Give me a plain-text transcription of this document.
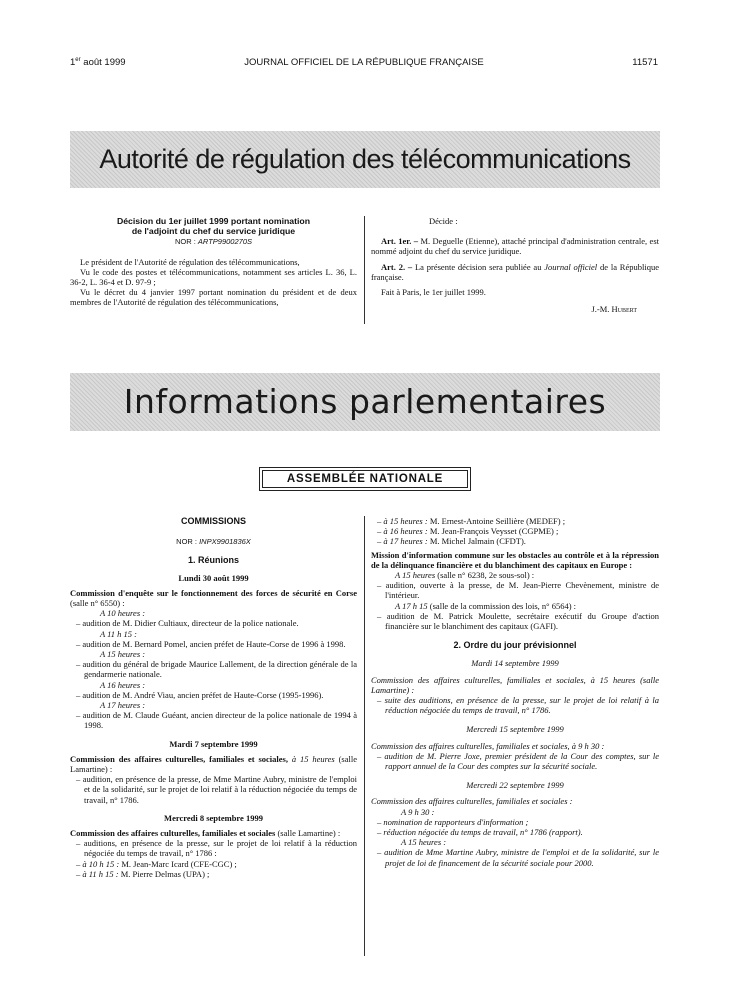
1er août 1999	JOURNAL OFFICIEL DE LA RÉPUBLIQUE FRANÇAISE	11571
Autorité de régulation des télécommunications

Décision du 1er juillet 1999 portant nomination

de l'adjoint du chef du service juridique

NOR : ARTP9900270S

Le président de l'Autorité de régulation des télécommunications,

Vu le code des postes et télécommunications, notamment ses articles L. 36, L. 36-2, L. 36-4 et D. 97-9 ;

Vu le décret du 4 janvier 1997 portant nomination du président et de deux membres de l'Autorité de régulation des télécommunications,

Décide :

Art. 1er. – M. Deguelle (Etienne), attaché principal d'administration centrale, est nommé adjoint du chef du service juridique.

Art. 2. – La présente décision sera publiée au Journal officiel de la République française.

Fait à Paris, le 1er juillet 1999.

J.-M. Hubert

Informations parlementaires
ASSEMBLÉE NATIONALE

COMMISSIONS

NOR : INPX9901836X

1. Réunions

Lundi 30 août 1999

Commission d'enquête sur le fonctionnement des forces de sécurité en Corse (salle n° 6550) :

A 10 heures :

– audition de M. Didier Cultiaux, directeur de la police nationale.

A 11 h 15 :

– audition de M. Bernard Pomel, ancien préfet de Haute-Corse de 1996 à 1998.

A 15 heures :

– audition du général de brigade Maurice Lallement, de la direction générale de la gendarmerie nationale.

A 16 heures :

– audition de M. André Viau, ancien préfet de Haute-Corse (1995-1996).

A 17 heures :

– audition de M. Claude Guéant, ancien directeur de la police nationale de 1994 à 1998.

Mardi 7 septembre 1999

Commission des affaires culturelles, familiales et sociales, à 15 heures (salle Lamartine) :

– audition, en présence de la presse, de Mme Martine Aubry, ministre de l'emploi et de la solidarité, sur le projet de loi relatif à la réduction négociée du temps de travail, n° 1786.

Mercredi 8 septembre 1999

Commission des affaires culturelles, familiales et sociales (salle Lamartine) :

– auditions, en présence de la presse, sur le projet de loi relatif à la réduction négociée du temps de travail, n° 1786 :

– à 10 h 15 : M. Jean-Marc Icard (CFE-CGC) ;

– à 11 h 15 : M. Pierre Delmas (UPA) ;

– à 15 heures : M. Ernest-Antoine Seillière (MEDEF) ;

– à 16 heures : M. Jean-François Veysset (CGPME) ;

– à 17 heures : M. Michel Jalmain (CFDT).

Mission d'information commune sur les obstacles au contrôle et à la répression de la délinquance financière et du blanchiment des capitaux en Europe :

A 15 heures (salle n° 6238, 2e sous-sol) :

– audition, ouverte à la presse, de M. Jean-Pierre Chevènement, ministre de l'intérieur.

A 17 h 15 (salle de la commission des lois, n° 6564) :

– audition de M. Patrick Moulette, secrétaire exécutif du Groupe d'action financière sur le blanchiment des capitaux (GAFI).

2. Ordre du jour prévisionnel

Mardi 14 septembre 1999

Commission des affaires culturelles, familiales et sociales, à 15 heures (salle Lamartine) :

– suite des auditions, en présence de la presse, sur le projet de loi relatif à la réduction négociée du temps de travail, n° 1786.

Mercredi 15 septembre 1999

Commission des affaires culturelles, familiales et sociales, à 9 h 30 :

– audition de M. Pierre Joxe, premier président de la Cour des comptes, sur le rapport annuel de la Cour des comptes sur la sécurité sociale.

Mercredi 22 septembre 1999

Commission des affaires culturelles, familiales et sociales :

A 9 h 30 :

– nomination de rapporteurs d'information ;

– réduction négociée du temps de travail, n° 1786 (rapport).

A 15 heures :

– audition de Mme Martine Aubry, ministre de l'emploi et de la solidarité, sur le projet de loi de financement de la sécurité sociale pour 2000.
